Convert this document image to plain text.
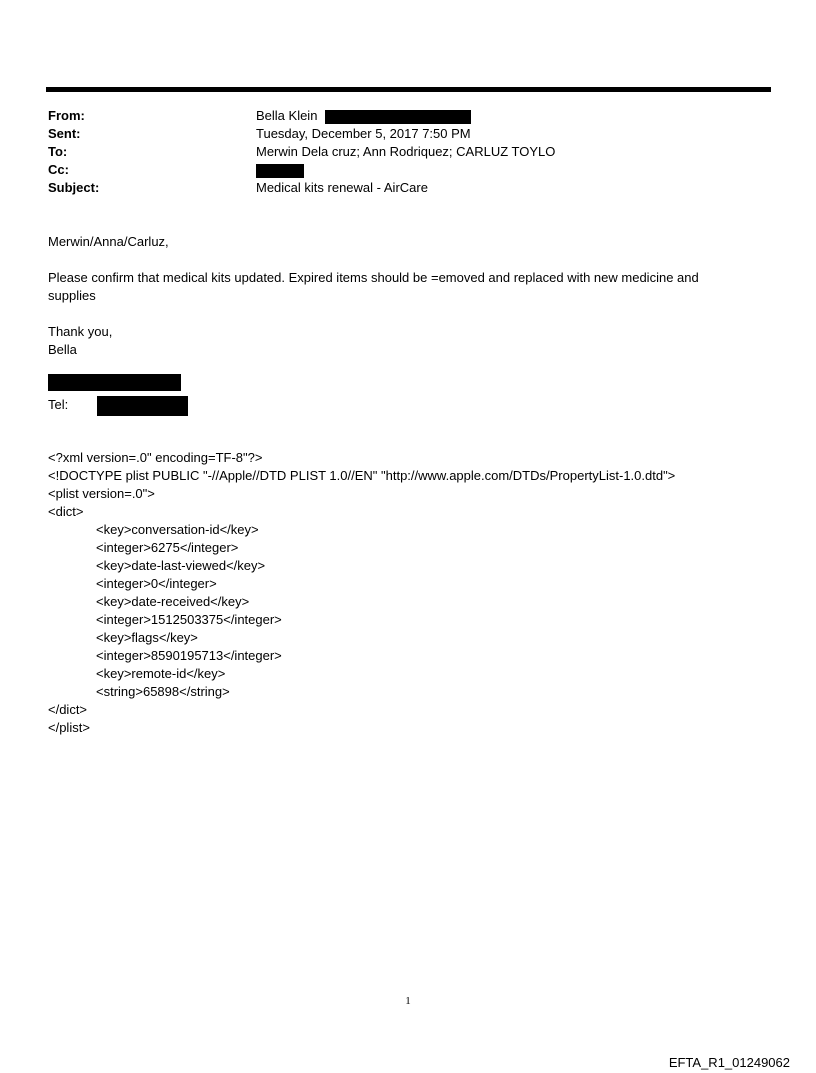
From:	Bella Klein
Sent:	Tuesday, December 5, 2017 7:50 PM
To:	Merwin Dela cruz; Ann Rodriquez; CARLUZ TOYLO
Cc:
Subject:	Medical kits renewal - AirCare
Merwin/Anna/Carluz,
Please confirm that medical kits updated. Expired items should be =emoved and replaced with new medicine and supplies
Thank you,
Bella
Tel:
<?xml version=.0" encoding=TF-8"?>
<!DOCTYPE plist PUBLIC "-//Apple//DTD PLIST 1.0//EN" "http://www.apple.com/DTDs/PropertyList-1.0.dtd">
<plist version=.0">
<dict>
<key>conversation-id</key>
<integer>6275</integer>
<key>date-last-viewed</key>
<integer>0</integer>
<key>date-received</key>
<integer>1512503375</integer>
<key>flags</key>
<integer>8590195713</integer>
<key>remote-id</key>
<string>65898</string>
</dict>
</plist>
1
EFTA_R1_01249062
